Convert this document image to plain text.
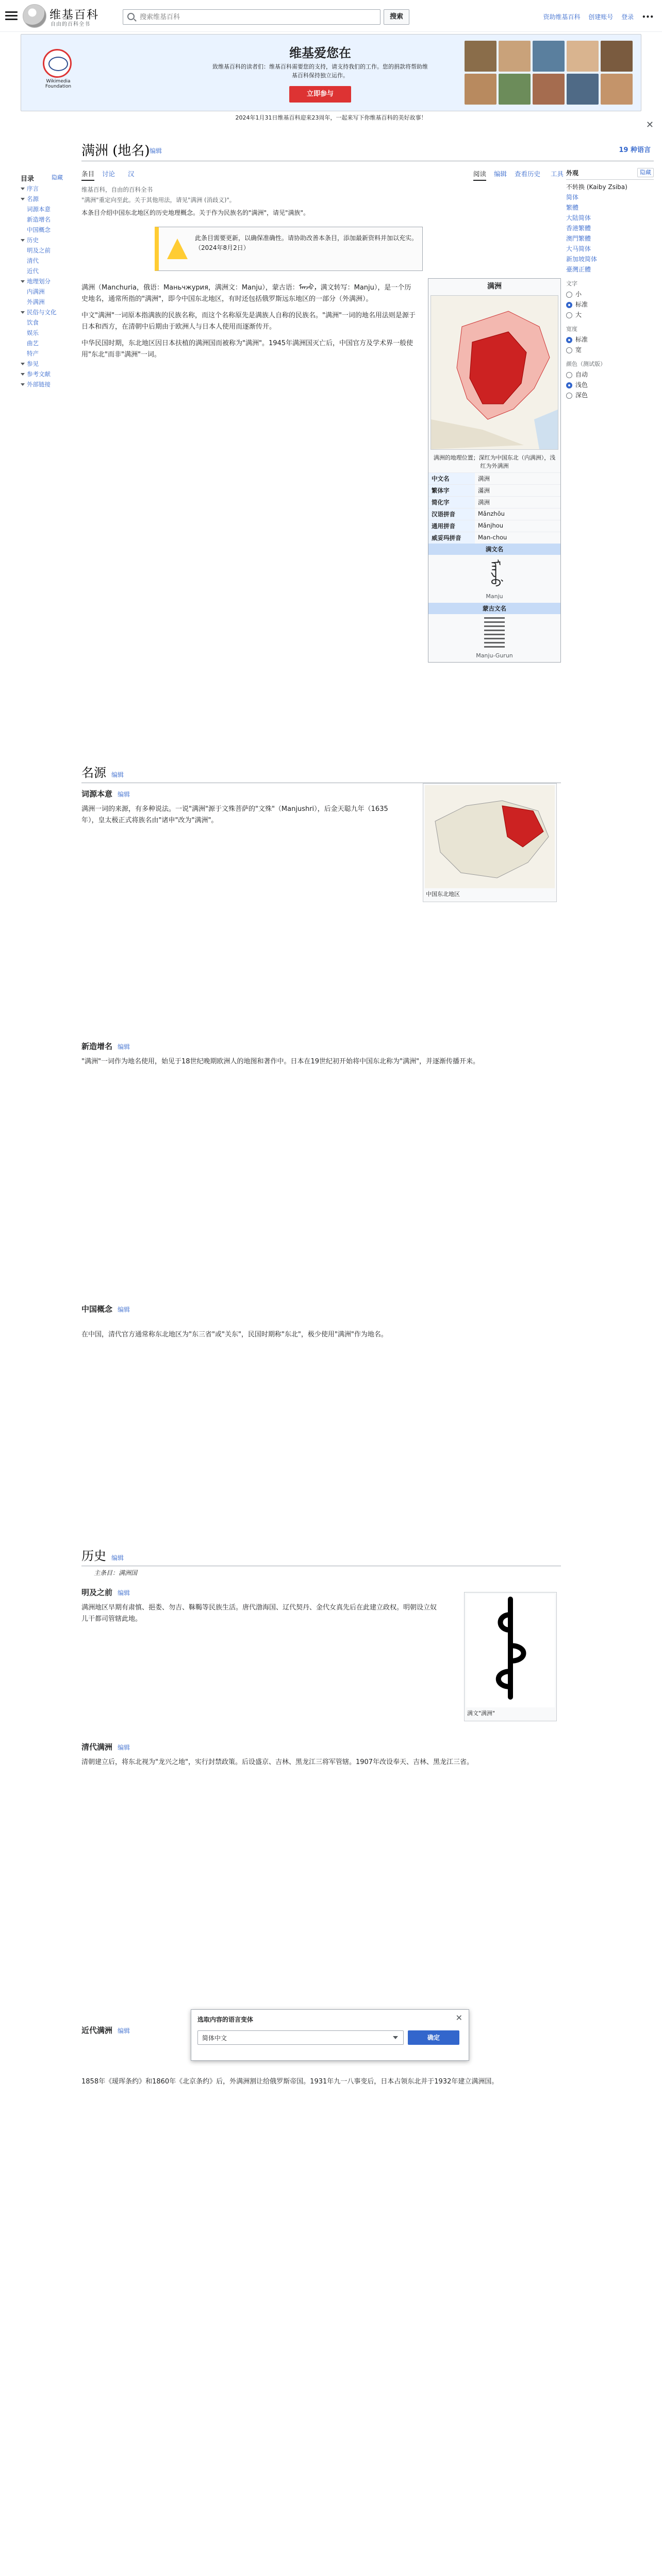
维基百科
自由的百科全书
搜索维基百科
搜索	资助维基百科 创建账号 登录 •••
Wikimedia Foundation
维基爱您在
致维基百科的读者们：维基百科需要您的支持，请支持我们的工作。您的捐款将帮助维基百科保持独立运作。
立即参与
2024年1月31日维基百科迎来23周年，一起来写下你维基百科的美好故事！
✕
满洲 (地名) 编辑	19 种语言
条目 讨论 汉	阅读 编辑 查看历史 工具
维基百科，自由的百科全书
"满洲"重定向至此。关于其他用法，请见"满洲 (消歧义)"。
目录	隐藏
序言
名源
词源本意
新造增名
中国概念
历史
明及之前
清代
近代
地理划分
内满洲
外满洲
民俗与文化
饮食
娱乐
曲艺
特产
参见
参考文献
外部链接
外观	隐藏
不转换 (Kaiby Zsiba)
简体
繁體
大陆简体
香港繁體
澳門繁體
大马简体
新加坡简体
臺灣正體
文字
小
标准
大
宽度
标准
宽
颜色（测试版）
自动
浅色
深色
本条目介绍中国东北地区的历史地理概念。关于作为民族名的"满洲"，请见"满族"。
此条目需要更新，以确保准确性。请协助改善本条目，添加最新资料并加以充实。（2024年8月2日）
满洲
满洲的地理位置；深红为中国东北（内满洲），浅红为外满洲
中文名	满洲
繁体字	滿洲
简化字	满洲
汉语拼音	Mǎnzhōu
通用拼音	Mǎnjhou
威妥玛拼音	Man-chou
满文名
ᠮᠠᠨᠵᡠ
Manju
蒙古文名
Manju-Gurun

满洲（Manchuria，俄语：Маньчжурия，满洲文：Manju），蒙古语：ᠮᠠᠨᠵᡠ，满文转写：Manju），是一个历史地名，通常所指的"满洲"，即今中国东北地区，有时还包括俄罗斯远东地区的一部分（外满洲）。

中文"满洲"一词原本指满族的民族名称，而这个名称原先是满族人自称的民族名。"满洲"一词的地名用法则是源于日本和西方，在清朝中后期由于欧洲人与日本人使用而逐渐传开。

中华民国时期，东北地区因日本扶植的满洲国而被称为"满洲"。1945年满洲国灭亡后，中国官方及学术界一般使用"东北"而非"满洲"一词。

名源 编辑
词源本意 编辑
满洲一词的来源，有多种说法。一说"满洲"源于文殊菩萨的"文殊"（Manjushri），后金天聪九年（1635年），皇太极正式将族名由"诸申"改为"满洲"。
中国东北地区
新造增名 编辑
"满洲"一词作为地名使用，始见于18世纪晚期欧洲人的地图和著作中。日本在19世纪初开始将中国东北称为"满洲"，并逐渐传播开来。
中国概念 编辑
在中国，清代官方通常称东北地区为"东三省"或"关东"，民国时期称"东北"，极少使用"满洲"作为地名。
历史 编辑
主条目：满洲国
明及之前 编辑
满洲地区早期有肃慎、挹娄、勿吉、靺鞨等民族生活。唐代渤海国、辽代契丹、金代女真先后在此建立政权。明朝设立奴儿干都司管辖此地。
满文"满洲"
清代满洲 编辑
清朝建立后，将东北视为"龙兴之地"，实行封禁政策。后设盛京、吉林、黑龙江三将军管辖。1907年改设奉天、吉林、黑龙江三省。
近代满洲 编辑
1858年《瑷珲条约》和1860年《北京条约》后，外满洲割让给俄罗斯帝国。1931年九一八事变后，日本占领东北并于1932年建立满洲国。
选取内容的语言变体	✕
简体中文	确定
